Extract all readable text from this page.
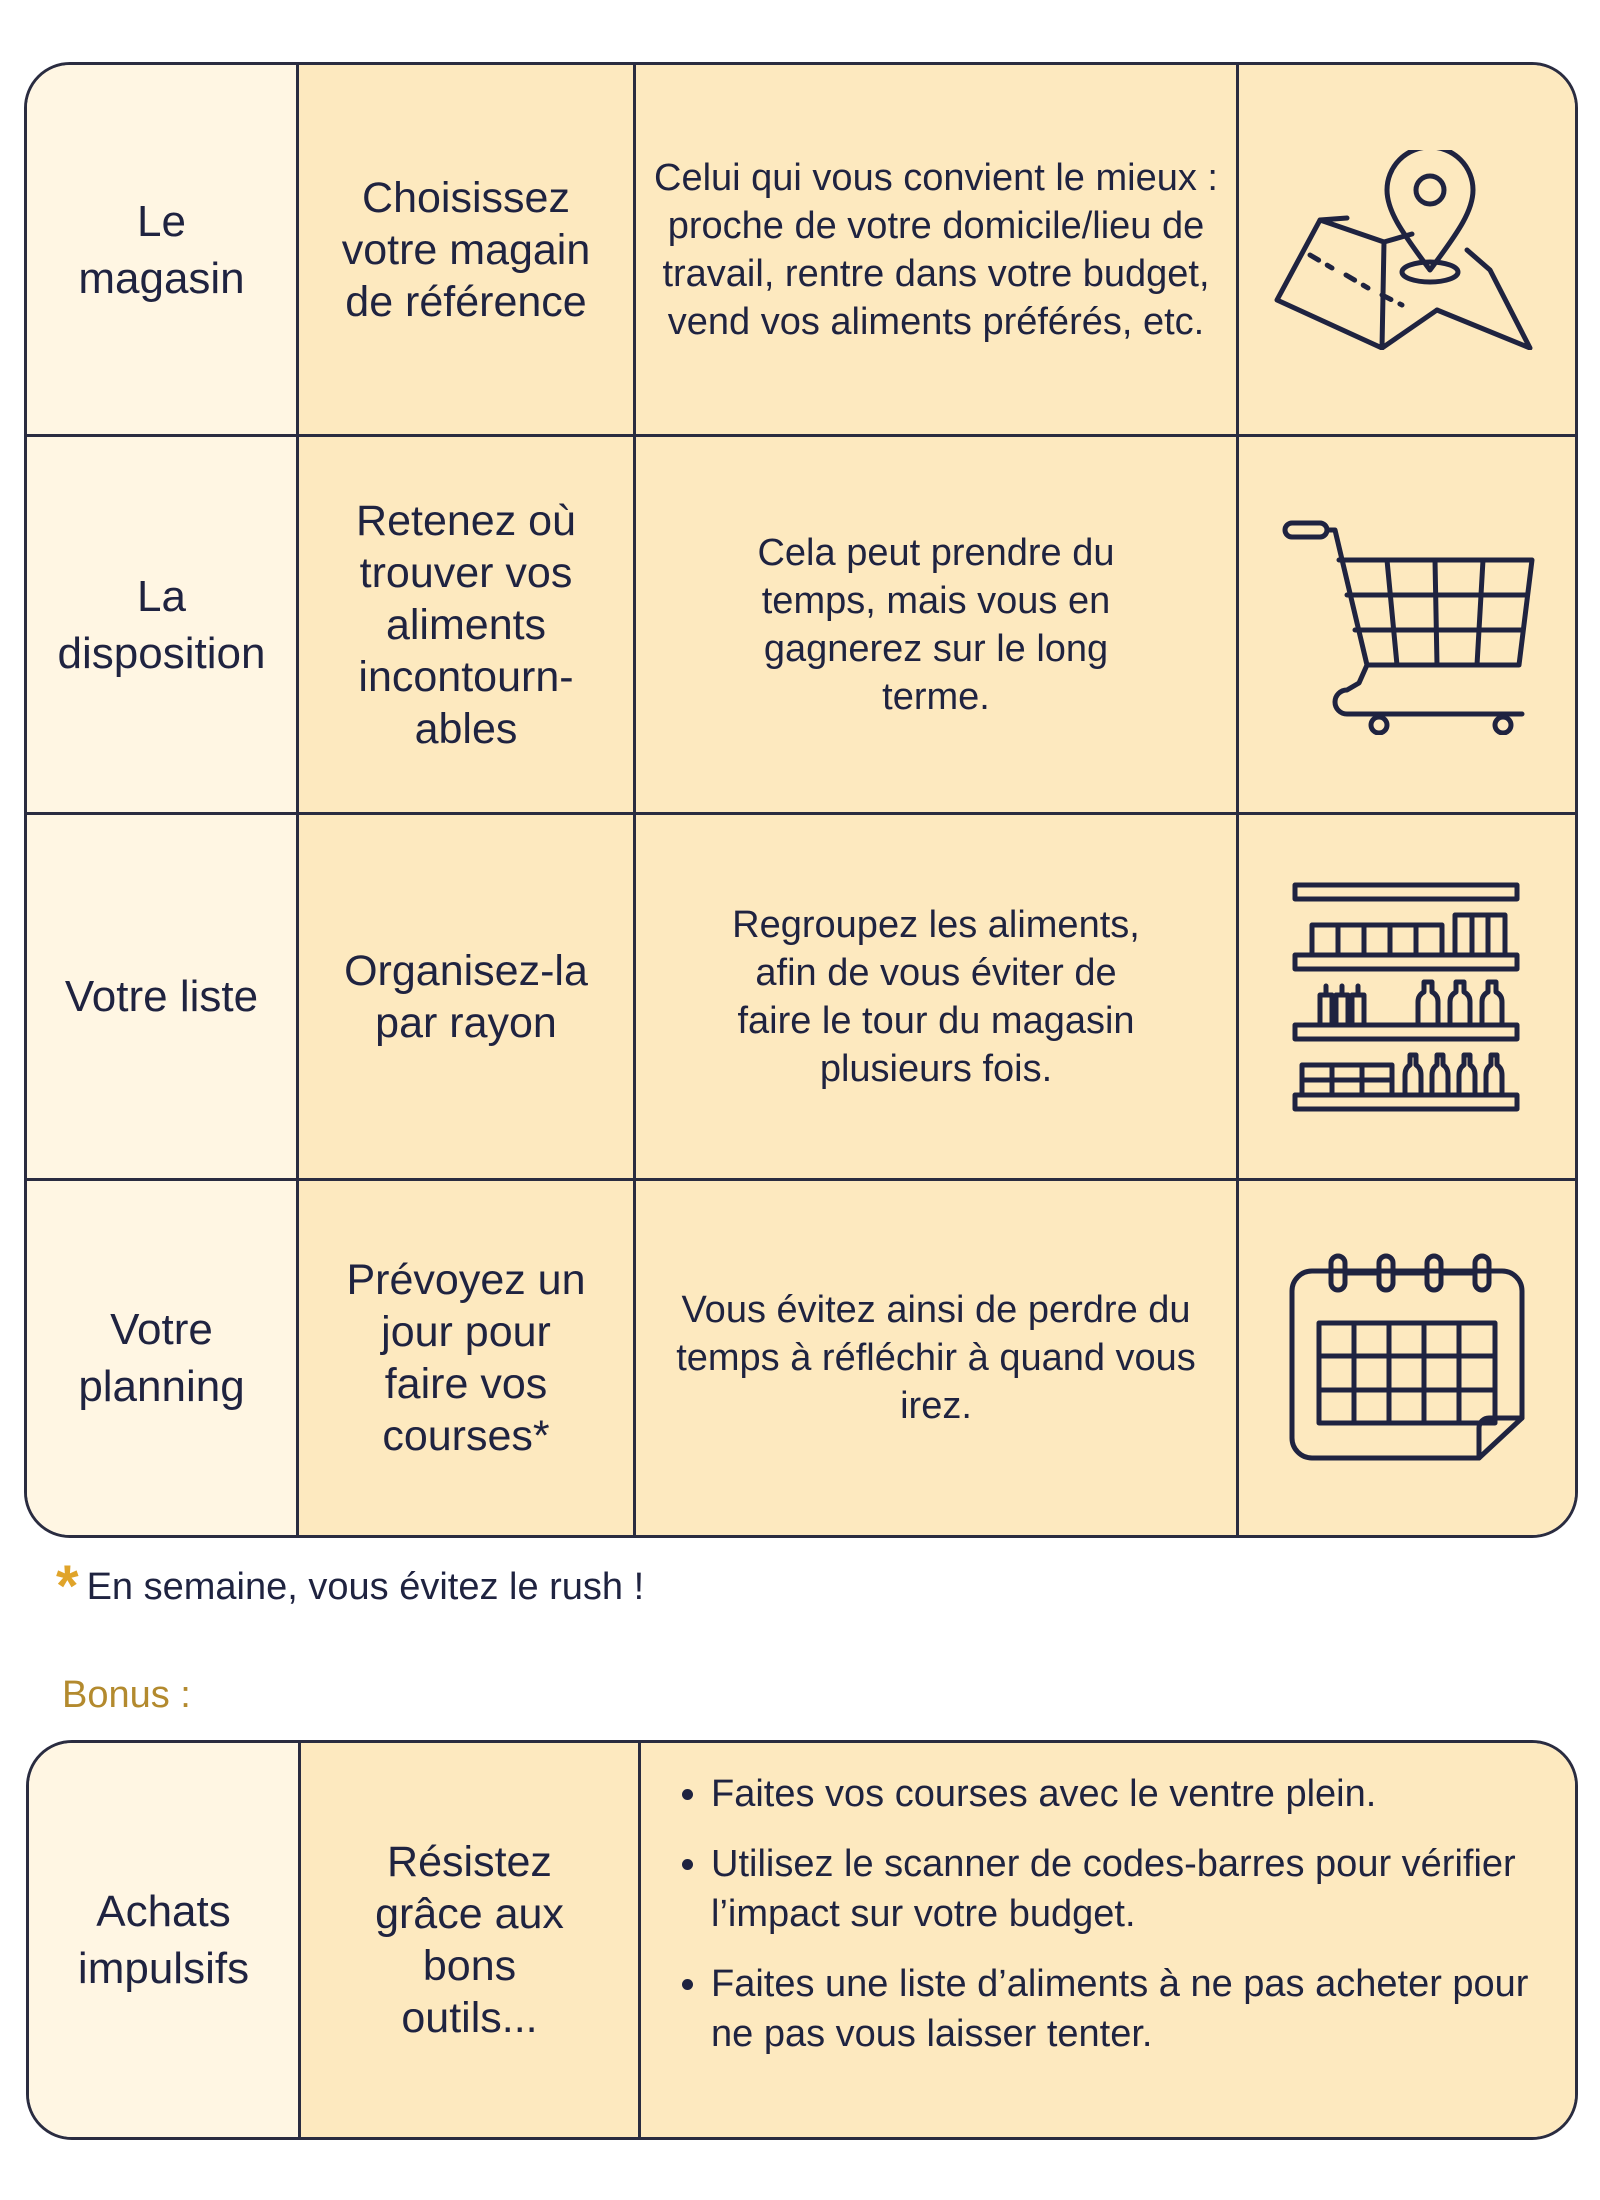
Le magasin
Choisissez votre magain de référence
Celui qui vous convient le mieux : proche de votre domicile/lieu de travail, rentre dans votre budget, vend vos aliments préférés, etc.
La disposition
Retenez où trouver vos aliments incontourn-ables
Cela peut prendre du temps, mais vous en gagnerez sur le long terme.
Votre liste
Organisez-la par rayon
Regroupez les aliments, afin de vous éviter de faire le tour du magasin plusieurs fois.
Votre planning
Prévoyez un jour pour faire vos courses*
Vous évitez ainsi de perdre du temps à réfléchir à quand vous irez.
* En semaine, vous évitez le rush !
Bonus :
Achats impulsifs
Résistez grâce aux bons outils...
• Faites vos courses avec le ventre plein.
• Utilisez le scanner de codes-barres pour vérifier l’impact sur votre budget.
• Faites une liste d’aliments à ne pas acheter pour ne pas vous laisser tenter.
